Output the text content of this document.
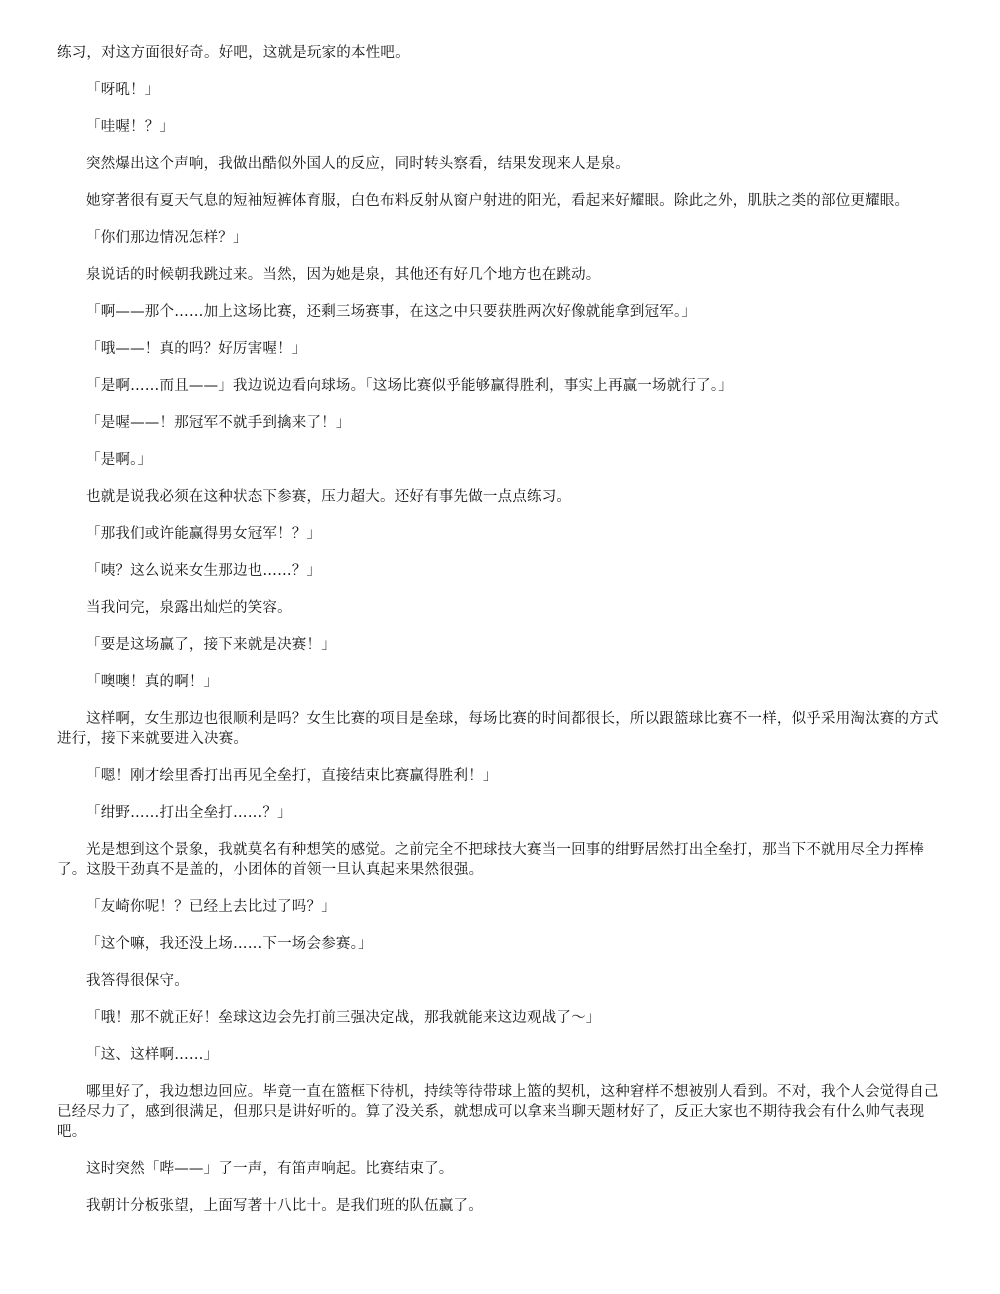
练习，对这方面很好奇。好吧，这就是玩家的本性吧。

「呀吼！」

「哇喔！？」

突然爆出这个声响，我做出酷似外国人的反应，同时转头察看，结果发现来人是泉。

她穿著很有夏天气息的短袖短裤体育服，白色布料反射从窗户射进的阳光，看起来好耀眼。除此之外，肌肤之类的部位更耀眼。

「你们那边情况怎样？」

泉说话的时候朝我跳过来。当然，因为她是泉，其他还有好几个地方也在跳动。

「啊——那个……加上这场比赛，还剩三场赛事，在这之中只要获胜两次好像就能拿到冠军。」

「哦——！真的吗？好厉害喔！」

「是啊……而且——」我边说边看向球场。「这场比赛似乎能够赢得胜利，事实上再赢一场就行了。」

「是喔——！那冠军不就手到擒来了！」

「是啊。」

也就是说我必须在这种状态下参赛，压力超大。还好有事先做一点点练习。

「那我们或许能赢得男女冠军！？」

「咦？这么说来女生那边也……？」

当我问完，泉露出灿烂的笑容。

「要是这场赢了，接下来就是决赛！」

「噢噢！真的啊！」

这样啊，女生那边也很顺利是吗？女生比赛的项目是垒球，每场比赛的时间都很长，所以跟篮球比赛不一样，似乎采用淘汰赛的方式进行，接下来就要进入决赛。

「嗯！刚才绘里香打出再见全垒打，直接结束比赛赢得胜利！」

「绀野……打出全垒打……？」

光是想到这个景象，我就莫名有种想笑的感觉。之前完全不把球技大赛当一回事的绀野居然打出全垒打，那当下不就用尽全力挥棒了。这股干劲真不是盖的，小团体的首领一旦认真起来果然很强。

「友崎你呢！？已经上去比过了吗？」

「这个嘛，我还没上场……下一场会参赛。」

我答得很保守。

「哦！那不就正好！垒球这边会先打前三强决定战，那我就能来这边观战了～」

「这、这样啊……」

哪里好了，我边想边回应。毕竟一直在篮框下待机，持续等待带球上篮的契机，这种窘样不想被别人看到。不对，我个人会觉得自己已经尽力了，感到很满足，但那只是讲好听的。算了没关系，就想成可以拿来当聊天题材好了，反正大家也不期待我会有什么帅气表现吧。

这时突然「哔——」了一声，有笛声响起。比赛结束了。

我朝计分板张望，上面写著十八比十。是我们班的队伍赢了。
